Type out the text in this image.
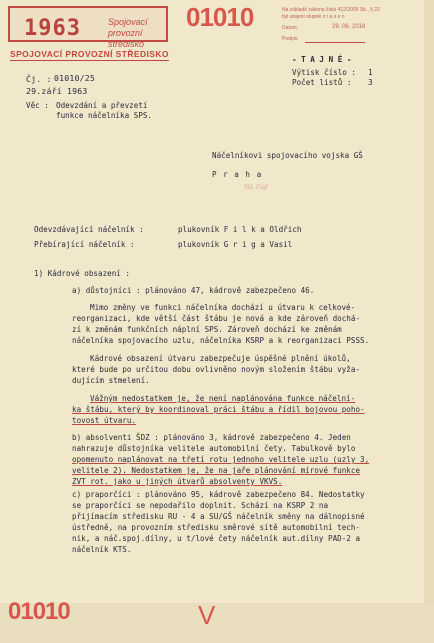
1963	Spojovací
provozní středisko
SPOJOVACÍ PROVOZNÍ STŘEDISKO
01010	Na základě zákona čísla 412/2005 Sb., § 22
byl utajení stupně z r a s e n
Datum:	29. 06. 2016
Podpis:
- T A J N É -
Výtisk číslo : 1
Počet listů : 3
Čj. : 01010/25
29.září 1963
Věc : Odevzdání a převzetí
funkce náčelníka SPS.
Náčelníkovi spojovacího vojska GŠ
P r a h a
Vel. Fajl
Odevzdávající náčelník :	plukovník F i l k a Oldřich
Přebírající náčelník :	plukovník G r i g a Vasil
1) Kádrové obsazení :
a) důstojníci : plánováno 47, kádrově zabezpečeno 46.
Mimo změny ve funkci náčelníka dochází u útvaru k celkové-
reorganizaci, kde větší část štábu je nová a kde zároveň dochá-
zí k změnám funkčních náplní SPS. Zároveň dochází ke změnám
náčelníka spojovacího uzlu, náčelníka KSRP a k reorganizaci PSSS.
Kádrové obsazení útvaru zabezpečuje úspěšné plnění úkolů,
které bude po určitou dobu ovlivněno novým složením štábu vyža-
dujícím stmelení.
Vážným nedostatkem je, že není naplánována funkce náčelní-
ka štábu, který by koordinoval práci štábu a řídil bojovou poho-
tovost útvaru.
b) absolventi ŠDZ : plánováno 3, kádrově zabezpečeno 4. Jeden
nahrazuje důstojníka velitele automobilní čety. Tabulkově bylo
opomenuto naplánovat na třetí rotu jednoho velitele uzlu (uzly 3,
velitele 2). Nedostatkem je, že na jaře plánování mírové funkce
ZVT rot. jako u jiných útvarů absolventy VKVS.
c) praporčíci : plánováno 95, kádrově zabezpečeno 84. Nedostatky
se praporčíci se nepodařilo doplnit. Schází na KSRP 2 na
přijímacím středisku RU - 4 a SU/GŠ náčelník směny na dálnopisné
ústředně, na provozním středisku směrové sítě automobilní tech-
nik, a náč.spoj.dílny, u t/lové čety náčelník aut.dílny PAD-2 a
náčelník KTS.
01010	V
